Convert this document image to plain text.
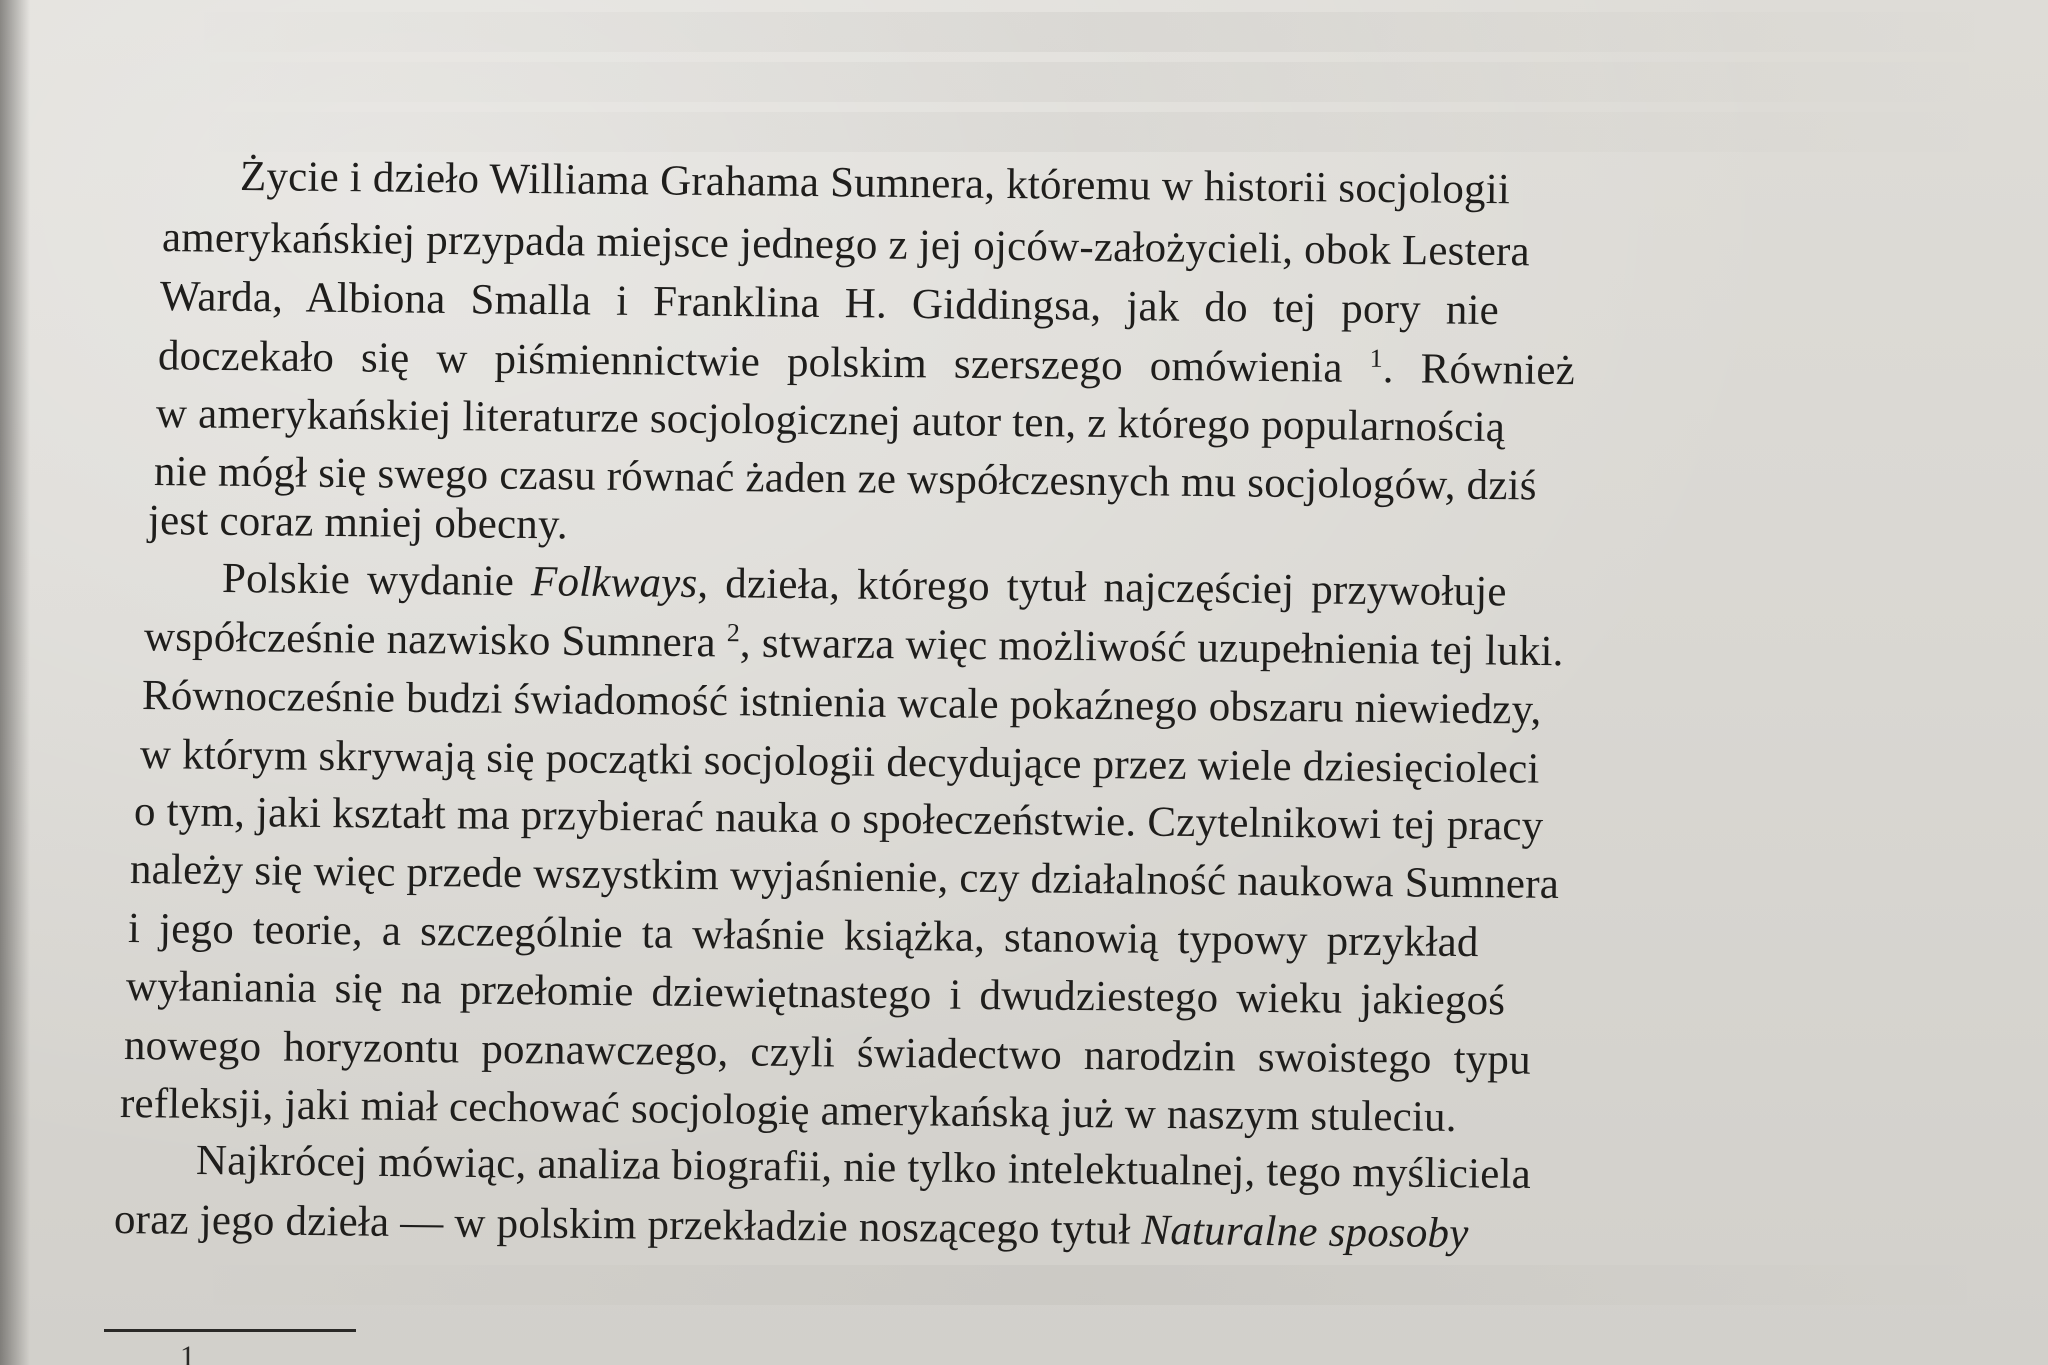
Życie i dzieło Williama Grahama Sumnera, któremu w historii socjologii
amerykańskiej przypada miejsce jednego z jej ojców-założycieli, obok Lestera
Warda, Albiona Smalla i Franklina H. Giddingsa, jak do tej pory nie
doczekało się w piśmiennictwie polskim szerszego omówienia $^1$. Również
w amerykańskiej literaturze socjologicznej autor ten, z którego popularnością
nie mógł się swego czasu równać żaden ze współczesnych mu socjologów, dziś
jest coraz mniej obecny.
Polskie wydanie Folkways, dzieła, którego tytuł najczęściej przywołuje
współcześnie nazwisko Sumnera $^2$, stwarza więc możliwość uzupełnienia tej luki.
Równocześnie budzi świadomość istnienia wcale pokaźnego obszaru niewiedzy,
w którym skrywają się początki socjologii decydujące przez wiele dziesięcioleci
o tym, jaki kształt ma przybierać nauka o społeczeństwie. Czytelnikowi tej pracy
należy się więc przede wszystkim wyjaśnienie, czy działalność naukowa Sumnera
i jego teorie, a szczególnie ta właśnie książka, stanowią typowy przykład
wyłaniania się na przełomie dziewiętnastego i dwudziestego wieku jakiegoś
nowego horyzontu poznawczego, czyli świadectwo narodzin swoistego typu
refleksji, jaki miał cechować socjologię amerykańską już w naszym stuleciu.
Najkrócej mówiąc, analiza biografii, nie tylko intelektualnej, tego myśliciela
oraz jego dzieła — w polskim przekładzie noszącego tytuł Naturalne sposoby
1
